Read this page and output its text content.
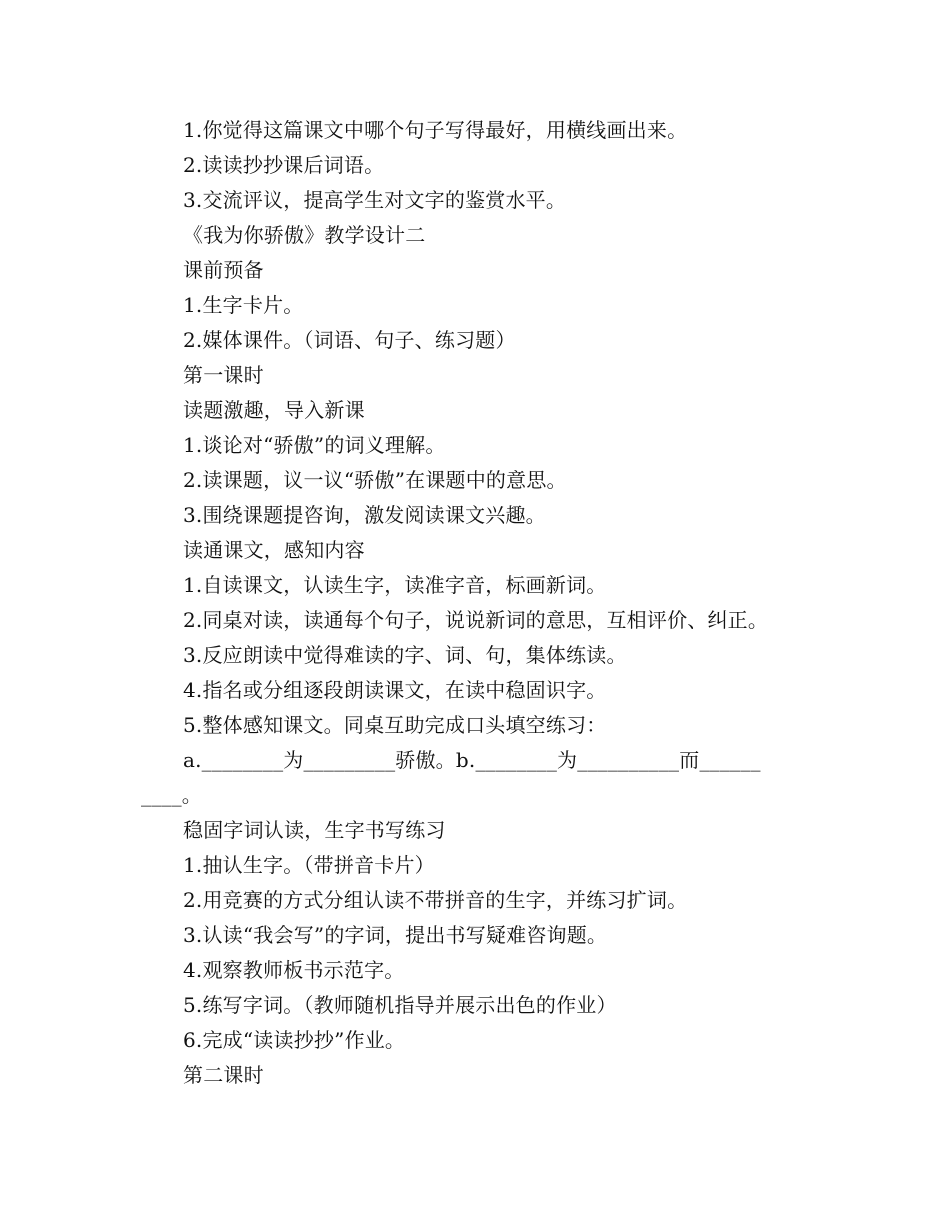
1.你觉得这篇课文中哪个句子写得最好，用横线画出来。
2.读读抄抄课后词语。
3.交流评议，提高学生对文字的鉴赏水平。
《我为你骄傲》教学设计二
课前预备
1.生字卡片。
2.媒体课件。（词语、句子、练习题）
第一课时
读题激趣，导入新课
1.谈论对“骄傲”的词义理解。
2.读课题，议一议“骄傲”在课题中的意思。
3.围绕课题提咨询，激发阅读课文兴趣。
读通课文，感知内容
1.自读课文，认读生字，读准字音，标画新词。
2.同桌对读，读通每个句子，说说新词的意思，互相评价、纠正。
3.反应朗读中觉得难读的字、词、句，集体练读。
4.指名或分组逐段朗读课文，在读中稳固识字。
5.整体感知课文。同桌互助完成口头填空练习：
a.________为_________骄傲。b.________为__________而______
____。
稳固字词认读，生字书写练习
1.抽认生字。（带拼音卡片）
2.用竞赛的方式分组认读不带拼音的生字，并练习扩词。
3.认读“我会写”的字词，提出书写疑难咨询题。
4.观察教师板书示范字。
5.练写字词。（教师随机指导并展示出色的作业）
6.完成“读读抄抄”作业。
第二课时
